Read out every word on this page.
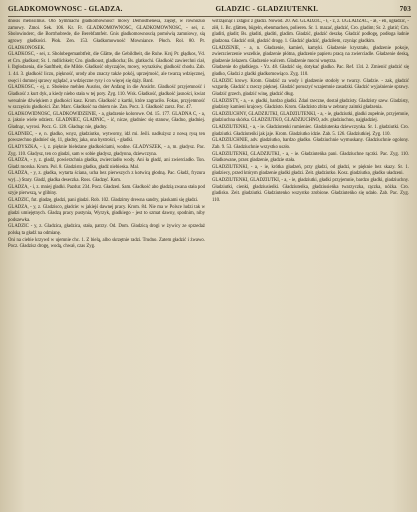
GLADKOMOWNOSC - GLADZA.	GLADZIC - GLADZIUTENKI.	703

dnosis mëlissimus. Oto Symmachi gładkomownosc! mowy Demosthenesa, zięzęt, w rownozuo zamowy. Zmoi. Sek. 106. Kr. Fr. GLADKOMOWNOSC, GLADKOMOWNOSC, - sei, z. Sbolowinderc, die Bortrhobrede, die Berebfamfeit. Gnis gładkomownoscią pomówią zamniowy, sią agrowy gładkości. Płok. Zen. 153. Gładkomowność Mowniance. Płoch. Rol. 80. Pr. GLADKONOSEK.

GLADKOSC, - sei, z. Sbolobegemanbtfeit, die Glätte, die Gebildbeit, die Ruhe. Krsj Pr. głądkos, Vd. et Crn. gładkost; Sr. 1. mdlichkeit; Cro. gładkoust, gladkocha; Bs. glatkochi. Gładkość zawierchni ciał, ł. Ibgłodzenia, die Sanftheit, die Milde. Gładkość obyczajów, mowy, wyrazków, gładkość chodu. Zab. 1. 44. 3. gładkość liczu, piękność, urody abo znaczy także pokój, uprzejmość, ale twarzą wdzięcznej, swęci i dumnej sprawy oglądać, a wdzięczne rysy i co więcej się dąży. Bard.

GLADKOSC, - ej, z. Sbołeine mehlen Ausriss, der Anfang in die Ansicht. Gładkość przyjemność i Gładkość z kurt dyk, a kiedy niebo stała w tej pory. Zyg. 110. Wsk. Gładkość, gładkość jasności, kwiat wersalnie dźwiękiem z gładkości kasz. Krom. Gładkość z kartki, które zagraciło. Fokas, przyjemność w szczęściu gładkości. Żar. Marc. Gładkość na dniem nie. Zan. Pocz. 3. Gładkość zarsz. Pac. 47.

GLADKOWIDNOSC, GLADKOWIDZENIE, - a, gładzenie kolorowe. Od. 15. 177. GLADNA C, - a, z. jaknie wiele odzierz. GLADNIEC, GLADNIC, - ić, nicze, gładniec się stanow, Gładno, gładniej. Gładnąc, wyrosi. Pocz. G. 128. Gładnąc nie, gładny.

GLADNIEC, - e, n. gładko, wnyz, gładziutko, wytworny, idź mi. Jeśli. nadłużysz z nową rysą ten powszechno gładnieć się, 11, gładny, jaka, ona bystrości, - gładki.

GLADYSZKA, - i, z. pięknie bieleżane gładkościami, wodne. GLADYSZEK, - a, m. gładysz. Pac. Zyg. 110. Gładysz, ten co gładzi, sam w sobie gładysz, gładynna, dziewczyna.

GLADZA, - y, z. gładź, powierzchnia gładka, zwierciadło wody. Ani ła gładź, ani zwierciadło. Ton. Gładż morska. Krom. Pol. 8. Gładzisto gładko, gładź niebieska. Mal.

GLADZA, - y, z. gładka, wytarta ściana, ucha bez pierwszych z kotwicą głodną. Pac. Gładź, fryzura wy(...) Stary. Gładź, gładka deseczka. Ross. Gładzęć. Kom.

GLADZA, - i, z. mniej gładki. Pazdur. 234. Pocz. Gładzeń. Sam. Gładkość abo gładzią zwana stała pod szyje pierwszą, w glibiny.

GLADZIC, fut. gładzę, gładzi, pani gładzi. Rob. 102. Gładzimy drewna sandry, piaskami się gładzi.

GLADZA, - y, z. Gladzisco, gładcie: w jakiejś dawnej pracy. Krom. 84. Nie ma w Polsce ludzi tak w gładzi umiejętnych. Gładzą pracy pustynia, Wyrzyk, gładkiego - jest to szmat dawny, spodnim, niby podszewka.

GLADZIC - y, z. Gladzica, gładzica, stała, patrzy. Od. Dom. Gładzicą drogi w żywicy ze sprzedaż polską ta gładź na odmianę.

Oni na ciebie krzywd w ujemnie chc. 1. Z bielą, albo skrzętnie radzi. Trudno. Zatem gładzić i żwawo. Pocz. Gładzisz drogę, wodą, chwał, czas Zyg.

wstrząsnąć i zstąpić z gładzi. Nowod. 20. Ad. GLADZIC, - ł, - z, z. UGLADZAC, - ał, - eli, ugładzić, - ziłł, 1. Bc. glätten, bügeln, ebenmachen, polieren. Sr. 1. mazać, gładzić, Cro. gladim; Sr. 2. glatić; Crn. gladiti, gładit; Bs. gładiti, gładiti, gladim. Gładzić, gładzić deszkę. Gładzić podłogę, podłoga ładnie gładzona. Gładzić stół, gładzić drogę. 1. Gładzić gładzić, gładziłem, czyniąc gładkim.

GLADZENIE, - a, n. Gładzenie, kamień, kamyki. Gładzenie kryształu, gładzenie pokoje, zwierzcierzenie wszelkie, gładzenie płótna, gładzenie papieru pracą na zwierciadle. Gładzenie deską, gładzenie żelazem. Gładzenie walcem. Gładzenie mocni wnętrza.

Gładzenie do gładkiego. - Yz. 48. Gładzić się, dotykać gładko. Pac. Ref. 134. 2. Zmienić gładzić się gładko, Gładzi z gladki gładkomowiąco. Zyg. 110.

GLADZIC krowy. Krom. Gładzić za wody i gładzenie stodoły w twarzy. Gladzie. - zak, gładzić wzgardę. Gładzić z rzeczy pięknej. Gładzić poruszyć wzajemnie zasadzki. Gładzić wyjaśnienie sprawy. Gładzić grzech, gładzić winę, gładzić dług.

GLADZISTY, - a, - e. gładki, bardzo gładki. Zdań rzeczne, dostał gładzisty. Gładzisty szew. Gladzisty, gładzisty kamieni krajowy. Gładzisto. Krom. Gładzisto zbita w zebrany zaimki gładzenia.

GLADZIUCHNY, GLADZIUTKI, GLADZIUTENKI, - a, - ie, gładziutki, gładki zupełnie, przyjemnie, gładziuchna skórka. GLADZIUTKO, GLADZIUCHNO, adv. gładziuchno, najgładziej.

GLADZIUTENKI, - a, - ie. Gładziutenki rumieniec. Gładziutenka dziewczynka. Sr. 1. gładziutki. Cro. gładziutki. Gładziuteńki jak jaje. Krom. Gładziutko idzie. Zab. 5. 126. Gładziutkiej. Zyg. 110.

GLADZIUCHNIE, adv. gładziutko, bardzo gładko. Gładziuchnie wymuskany. Gładziuchnie ogolony. Zab. 9. 53. Gładziuchnie wszystko uszło.

GLADZIUTENKI, GLADZIUTKI, - a, - ie. Gładziuteńka pani. Gładziuchne rączki. Pac. Zyg. 110. Gładkowane, przez gładzenie, gładzie stała.

GLADZIUTENKI, - a, - ie, krótka gładzeń, przy gładzi, od gładzi, w pięknie bez skazy. Sr. 1. gładziecy, przed którym gładzenie gładki gładzi. Zeit. gładziutko. Kosz. gładziutko, gładko uładzeni.

GLADZIUTENKI, GLADZIUTKI, - a, - ie, gładziutki, gładki przyjemnie, bardzo gładki, gładziuchny. Gładziutki, cienki, gładziusieńki. Gładziuteńka, gładziusieńka twarzyczka, rączka, nóżka. Cro. gladisko. Zeit. gładziutki. Gładziutenko wszystko zrobione. Gładziuteńko się udało. Zab. Pac. Zyg. 110.
